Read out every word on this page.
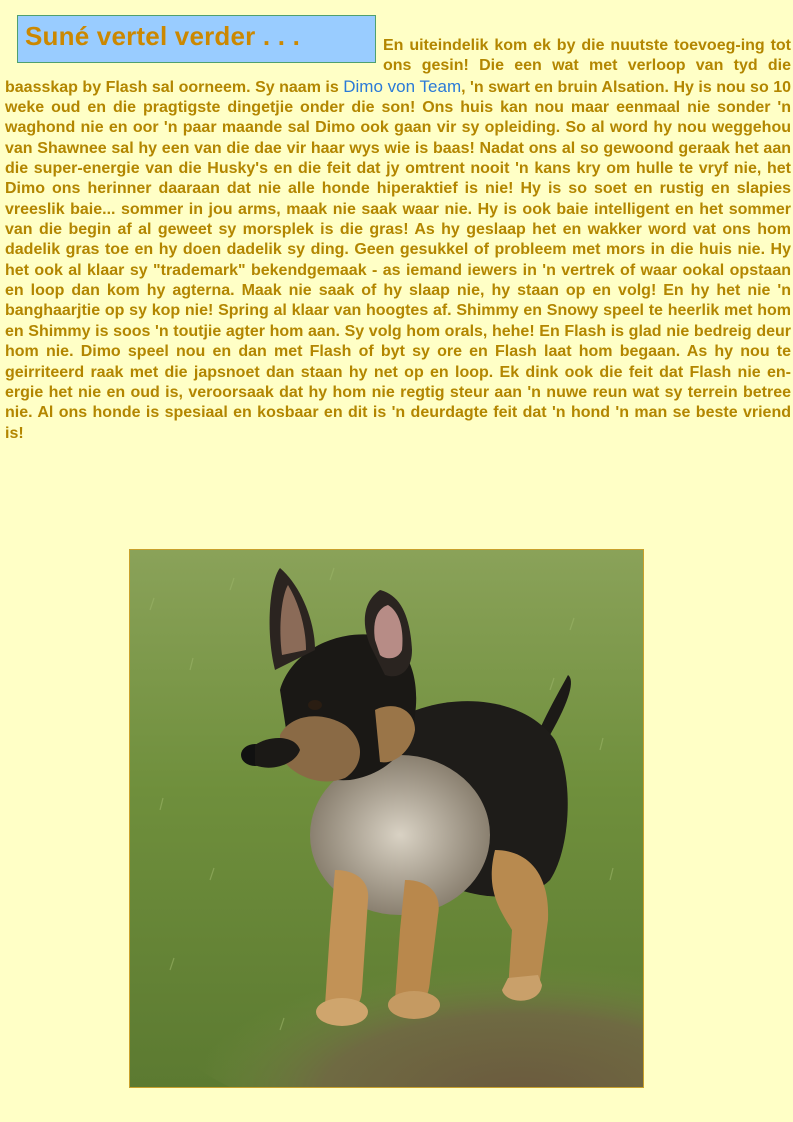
Suné vertel verder . . .	En uiteindelik kom ek by die nuutste toevoeg-ing tot ons gesin! Die een wat met verloop van tyd die baasskap by Flash sal oorneem. Sy naam is Dimo von Team, 'n swart en bruin Alsation. Hy is nou so 10 weke oud en die pragtigste dingetjie onder die son! Ons huis kan nou maar eenmaal nie sonder 'n waghond nie en oor 'n paar maande sal Dimo ook gaan vir sy opleiding. So al word hy nou weggehou van Shawnee sal hy een van die dae vir haar wys wie is baas! Nadat ons al so gewoond geraak het aan die super-energie van die Husky's en die feit dat jy omtrent nooit 'n kans kry om hulle te vryf nie, het Dimo ons herinner daaraan dat nie alle honde hiperaktief is nie! Hy is so soet en rustig en slapies vreeslik baie... sommer in jou arms, maak nie saak waar nie. Hy is ook baie intelligent en het sommer van die begin af al geweet sy morsplek is die gras! As hy geslaap het en wakker word vat ons hom dadelik gras toe en hy doen dadelik sy ding. Geen gesukkel of probleem met mors in die huis nie. Hy het ook al klaar sy "trademark" bekendgemaak - as iemand iewers in 'n vertrek of waar ookal opstaan en loop dan kom hy agterna. Maak nie saak of hy slaap nie, hy staan op en volg! En hy het nie 'n banghaarjtie op sy kop nie! Spring al klaar van hoogtes af. Shimmy en Snowy speel te heerlik met hom en Shimmy is soos 'n toutjie agter hom aan. Sy volg hom orals, hehe! En Flash is glad nie bedreig deur hom nie. Dimo speel nou en dan met Flash of byt sy ore en Flash laat hom begaan. As hy nou te geirriteerd raak met die japsnoet dan staan hy net op en loop. Ek dink ook die feit dat Flash nie en-ergie het nie en oud is, veroorsaak dat hy hom nie regtig steur aan 'n nuwe reun wat sy terrein betree nie. Al ons honde is spesiaal en kosbaar en dit is 'n deurdagte feit dat 'n hond 'n man se beste vriend is!
